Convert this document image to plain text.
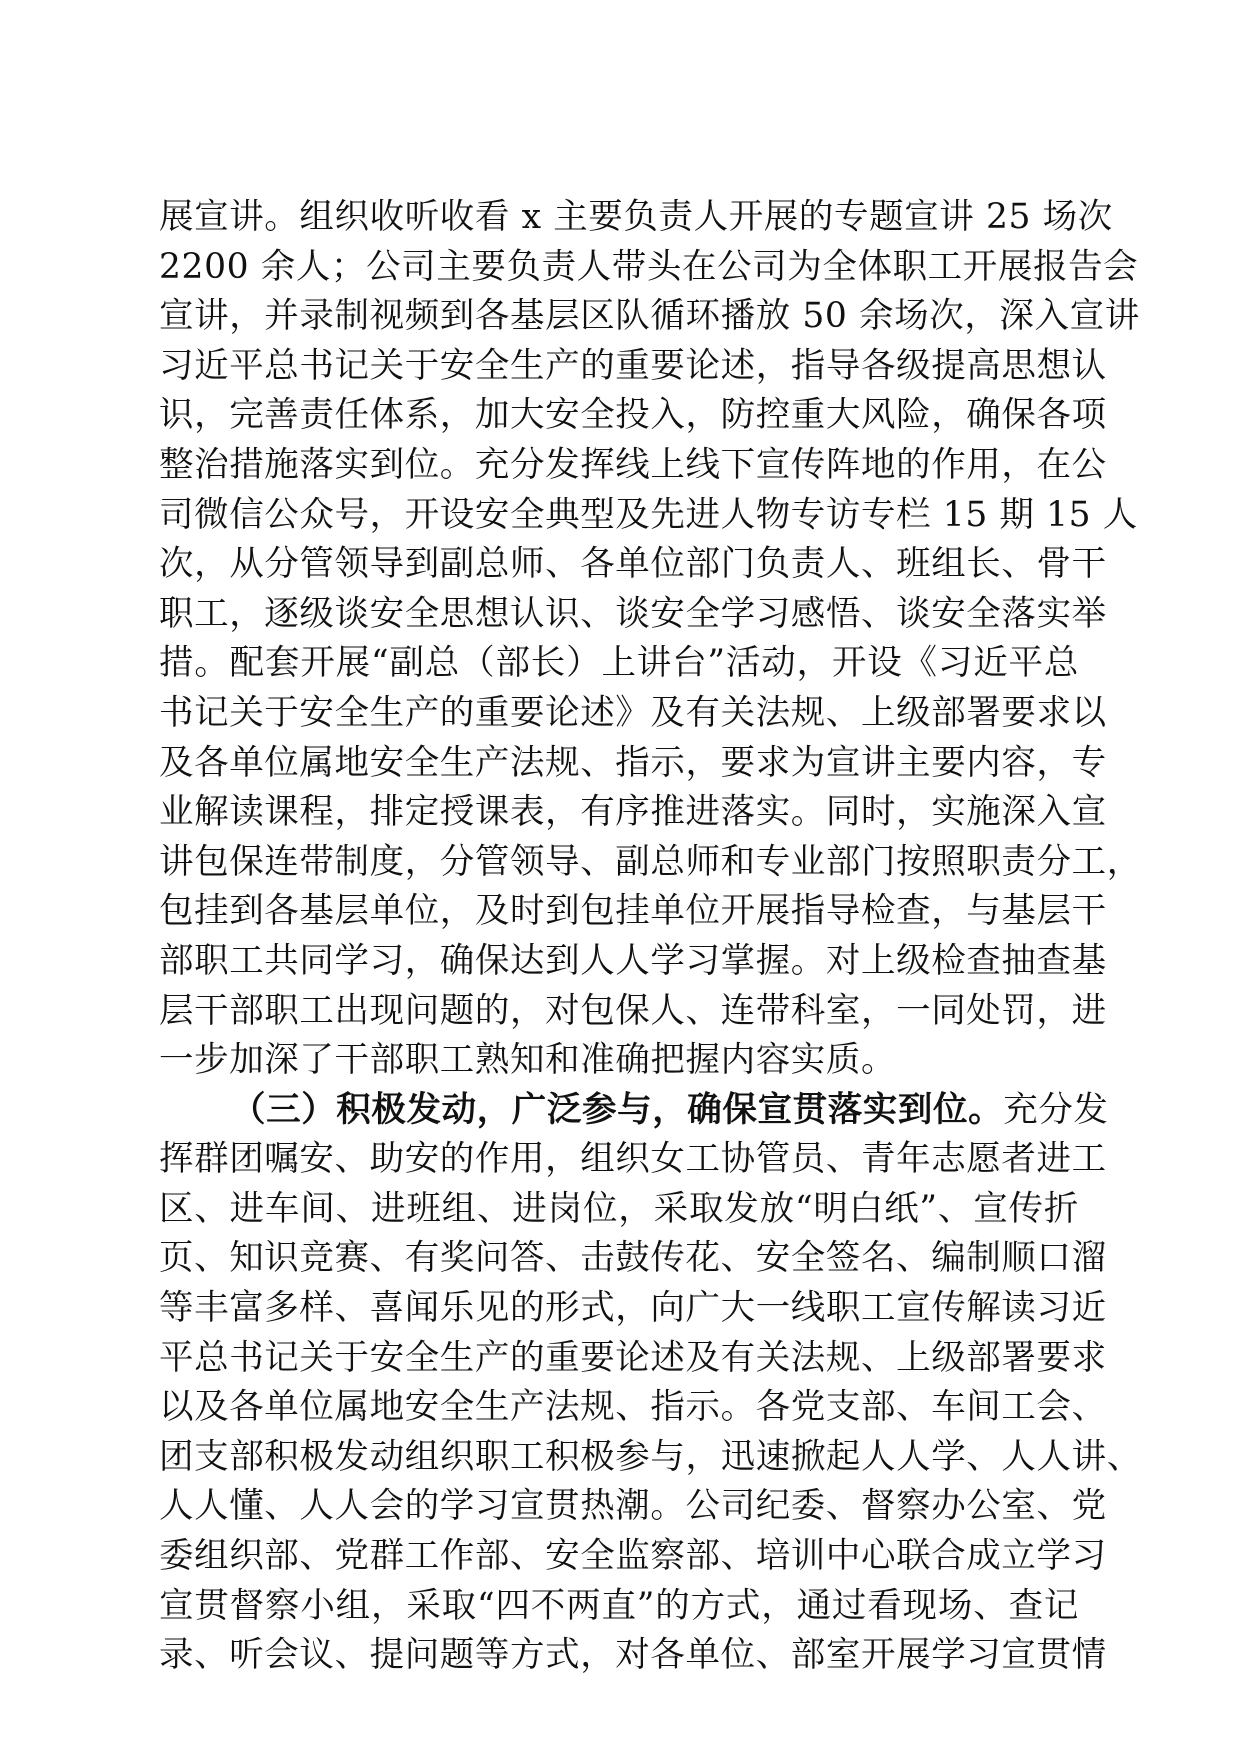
展宣讲。组织收听收看 x 主要负责人开展的专题宣讲 25 场次
2200 余人；公司主要负责人带头在公司为全体职工开展报告会
宣讲，并录制视频到各基层区队循环播放 50 余场次，深入宣讲
习近平总书记关于安全生产的重要论述，指导各级提高思想认
识，完善责任体系，加大安全投入，防控重大风险，确保各项
整治措施落实到位。充分发挥线上线下宣传阵地的作用，在公
司微信公众号，开设安全典型及先进人物专访专栏 15 期 15 人
次，从分管领导到副总师、各单位部门负责人、班组长、骨干
职工，逐级谈安全思想认识、谈安全学习感悟、谈安全落实举
措。配套开展“副总（部长）上讲台”活动，开设《习近平总
书记关于安全生产的重要论述》及有关法规、上级部署要求以
及各单位属地安全生产法规、指示，要求为宣讲主要内容，专
业解读课程，排定授课表，有序推进落实。同时，实施深入宣
讲包保连带制度，分管领导、副总师和专业部门按照职责分工，
包挂到各基层单位，及时到包挂单位开展指导检查，与基层干
部职工共同学习，确保达到人人学习掌握。对上级检查抽查基
层干部职工出现问题的，对包保人、连带科室，一同处罚，进
一步加深了干部职工熟知和准确把握内容实质。
（三）积极发动，广泛参与，确保宣贯落实到位。充分发
挥群团嘱安、助安的作用，组织女工协管员、青年志愿者进工
区、进车间、进班组、进岗位，采取发放“明白纸”、宣传折
页、知识竞赛、有奖问答、击鼓传花、安全签名、编制顺口溜
等丰富多样、喜闻乐见的形式，向广大一线职工宣传解读习近
平总书记关于安全生产的重要论述及有关法规、上级部署要求
以及各单位属地安全生产法规、指示。各党支部、车间工会、
团支部积极发动组织职工积极参与，迅速掀起人人学、人人讲、
人人懂、人人会的学习宣贯热潮。公司纪委、督察办公室、党
委组织部、党群工作部、安全监察部、培训中心联合成立学习
宣贯督察小组，采取“四不两直”的方式，通过看现场、查记
录、听会议、提问题等方式，对各单位、部室开展学习宣贯情
